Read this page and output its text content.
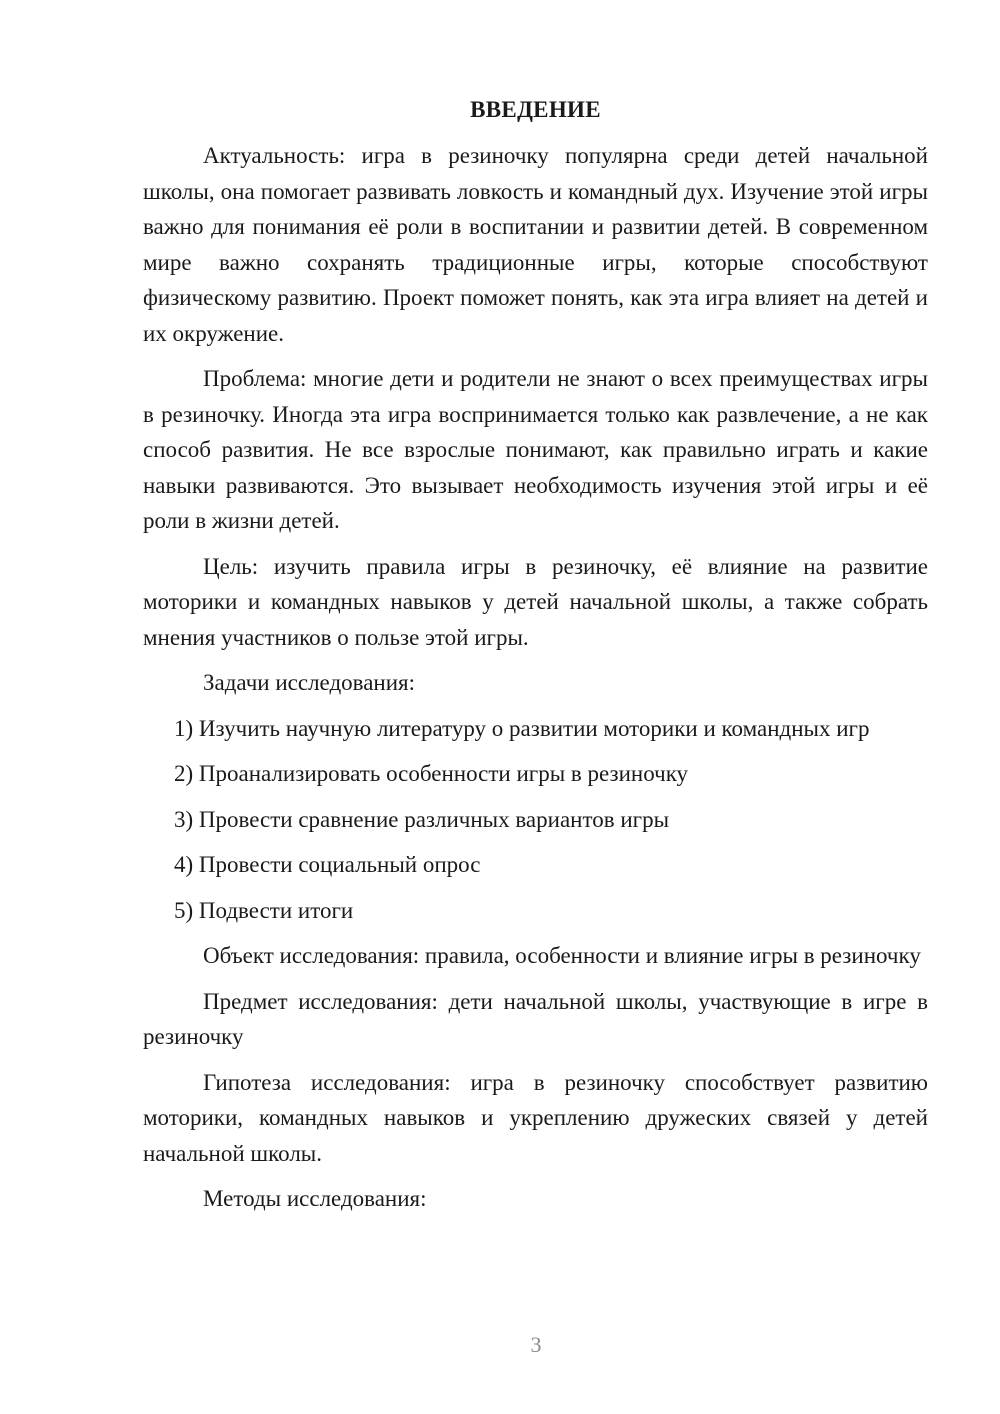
ВВЕДЕНИЕ

Актуальность: игра в резиночку популярна среди детей начальной школы, она помогает развивать ловкость и командный дух. Изучение этой игры важно для понимания её роли в воспитании и развитии детей. В современном мире важно сохранять традиционные игры, которые способствуют физическому развитию. Проект поможет понять, как эта игра влияет на детей и их окружение.

Проблема: многие дети и родители не знают о всех преимуществах игры в резиночку. Иногда эта игра воспринимается только как развлечение, а не как способ развития. Не все взрослые понимают, как правильно играть и какие навыки развиваются. Это вызывает необходимость изучения этой игры и её роли в жизни детей.

Цель: изучить правила игры в резиночку, её влияние на развитие моторики и командных навыков у детей начальной школы, а также собрать мнения участников о пользе этой игры.

Задачи исследования:

1) Изучить научную литературу о развитии моторики и командных игр

2) Проанализировать особенности игры в резиночку

3) Провести сравнение различных вариантов игры

4) Провести социальный опрос

5) Подвести итоги

Объект исследования: правила, особенности и влияние игры в резиночку

Предмет исследования: дети начальной школы, участвующие в игре в резиночку

Гипотеза исследования: игра в резиночку способствует развитию моторики, командных навыков и укреплению дружеских связей у детей начальной школы.

Методы исследования:

3
